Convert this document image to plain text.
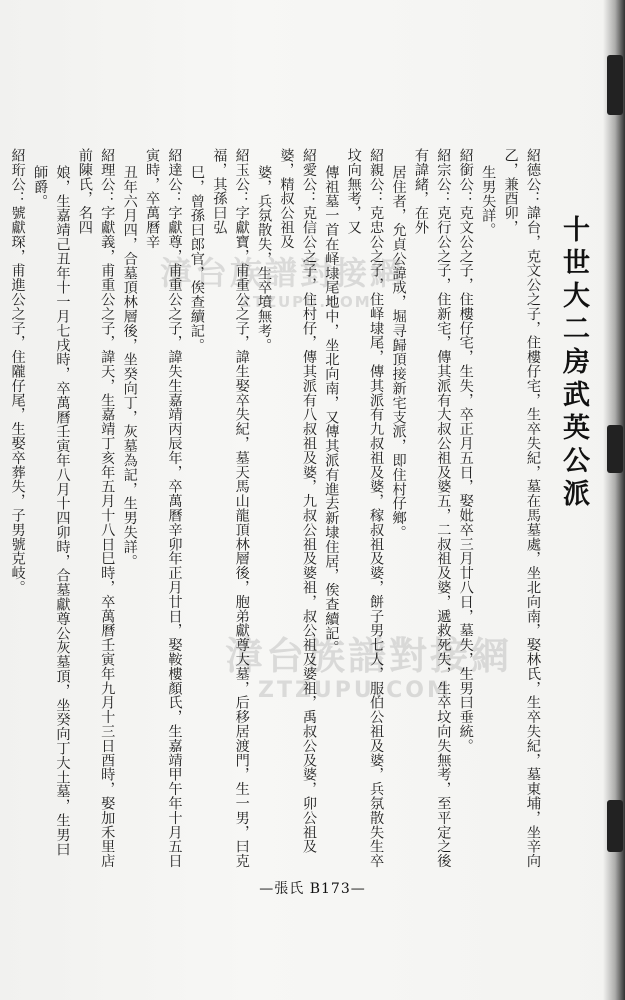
漳台族譜對接網
ZTZUPU.COM
漳台族譜對接網
ZTZUPU.COM
十世大二房武英公派
紹德公：諱台，克文公之子，住樓仔宅，生卒失紀，墓在馬墓處，坐北向南，娶林氏，生卒失紀，墓東埔，坐辛向乙，兼酉卯，
生男失詳。
紹銜公：克文公之子，住樓仔宅，生失，卒正月五日，娶妣卒三月廿八日，墓失，生男曰垂統。
紹宗公：克行公之子，住新宅，傳其派有大叔公祖及婆五，二叔祖及婆，遞救死失，生卒坟向失無考，至平定之後有諱緒，在外
居住者，允貞公諱成，堀寻歸頂接新宅支派，即住村仔鄉。
紹親公：克忠公之子，住峄埭尾，傳其派有九叔祖及婆，稼叔祖及婆，餅子男七人，服伯公祖及婆，兵氛散失生卒坟向無考，又
傳祖墓一首在峄埭尾地中，坐北向南，又傳其派有進去新埭住居，俟查續記。
紹愛公：克信公之子，住村仔，傳其派有八叔祖及婆，九叔公祖及婆祖，叔公祖及婆祖，禹叔公及婆，卯公祖及婆，精叔公祖及
婆，兵氛散失，生卒墳無考。
紹玉公：字獻寶，甫重公之子，諱生娶卒失紀，墓天馬山龍頂林層後，胞弟獻尊大墓，后移居渡門，生一男，曰克福，其孫曰弘
巳，曾孫曰郎官，俟查續記。
紹達公：字獻尊，甫重公之子，諱失生嘉靖丙辰年，卒萬曆辛卯年正月廿日，娶鞍樓顏氏，生嘉靖甲午年十月五日寅時，卒萬曆辛
丑年六月四，合墓頂林層後，坐癸向丁，灰墓為記，生男失詳。
紹理公：字獻義，甫重公之子，諱天，生嘉靖丁亥年五月十八日巳時，卒萬曆壬寅年九月十三日酉時，娶加禾里店前陳氏，名四
娘，生嘉靖己丑年十一月七戌時，卒萬曆壬寅年八月十四卯時，合墓獻尊公灰墓頂，坐癸向丁大土墓，生男曰師爵。
紹珩公：號獻琛，甫進公之子，住隴仔尾，生娶卒葬失，子男號克岐。
—張氏 B173—
